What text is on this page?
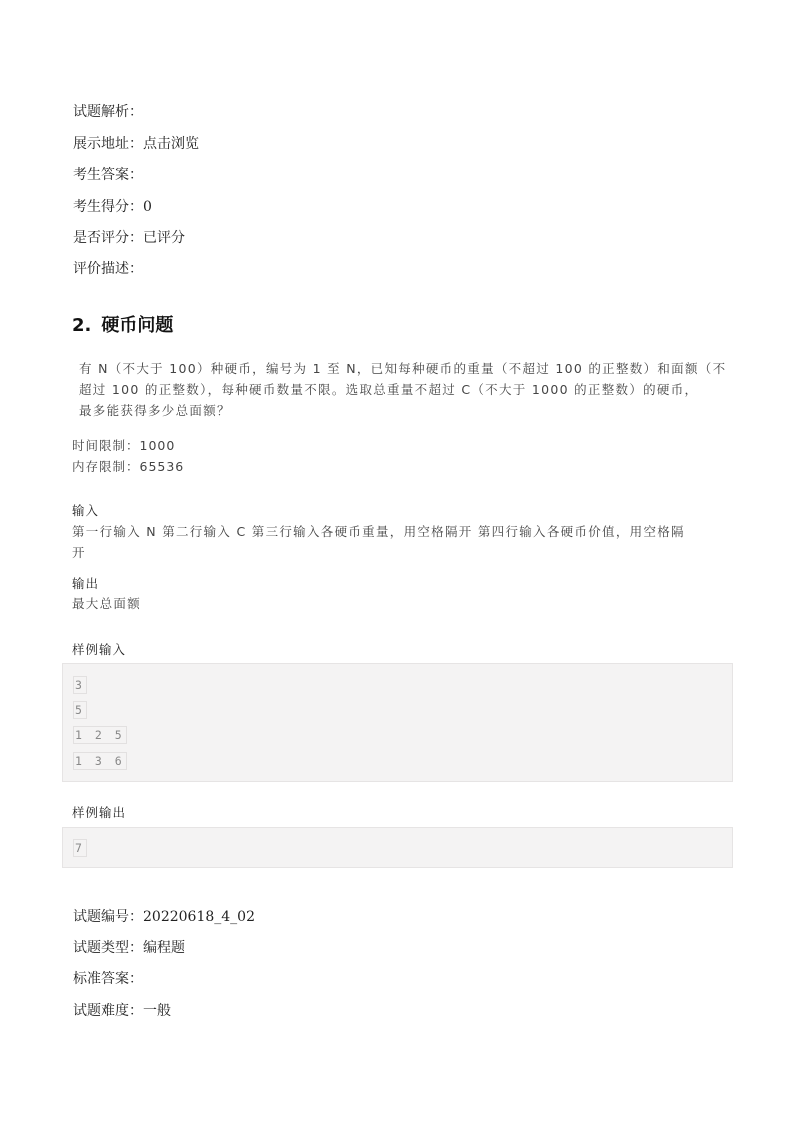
试题解析：
展示地址：点击浏览
考生答案：
考生得分：0
是否评分：已评分
评价描述：
2. 硬币问题
有 N（不大于 100）种硬币，编号为 1 至 N，已知每种硬币的重量（不超过 100 的正整数）和面额（不
超过 100 的正整数），每种硬币数量不限。选取总重量不超过 C（不大于 1000 的正整数）的硬币，
最多能获得多少总面额？
时间限制：1000
内存限制：65536
输入
第一行输入 N 第二行输入 C 第三行输入各硬币重量，用空格隔开 第四行输入各硬币价值，用空格隔
开
输出
最大总面额
样例输入
3
5
1 2 5
1 3 6
样例输出
7
试题编号：20220618_4_02
试题类型：编程题
标准答案：
试题难度：一般
